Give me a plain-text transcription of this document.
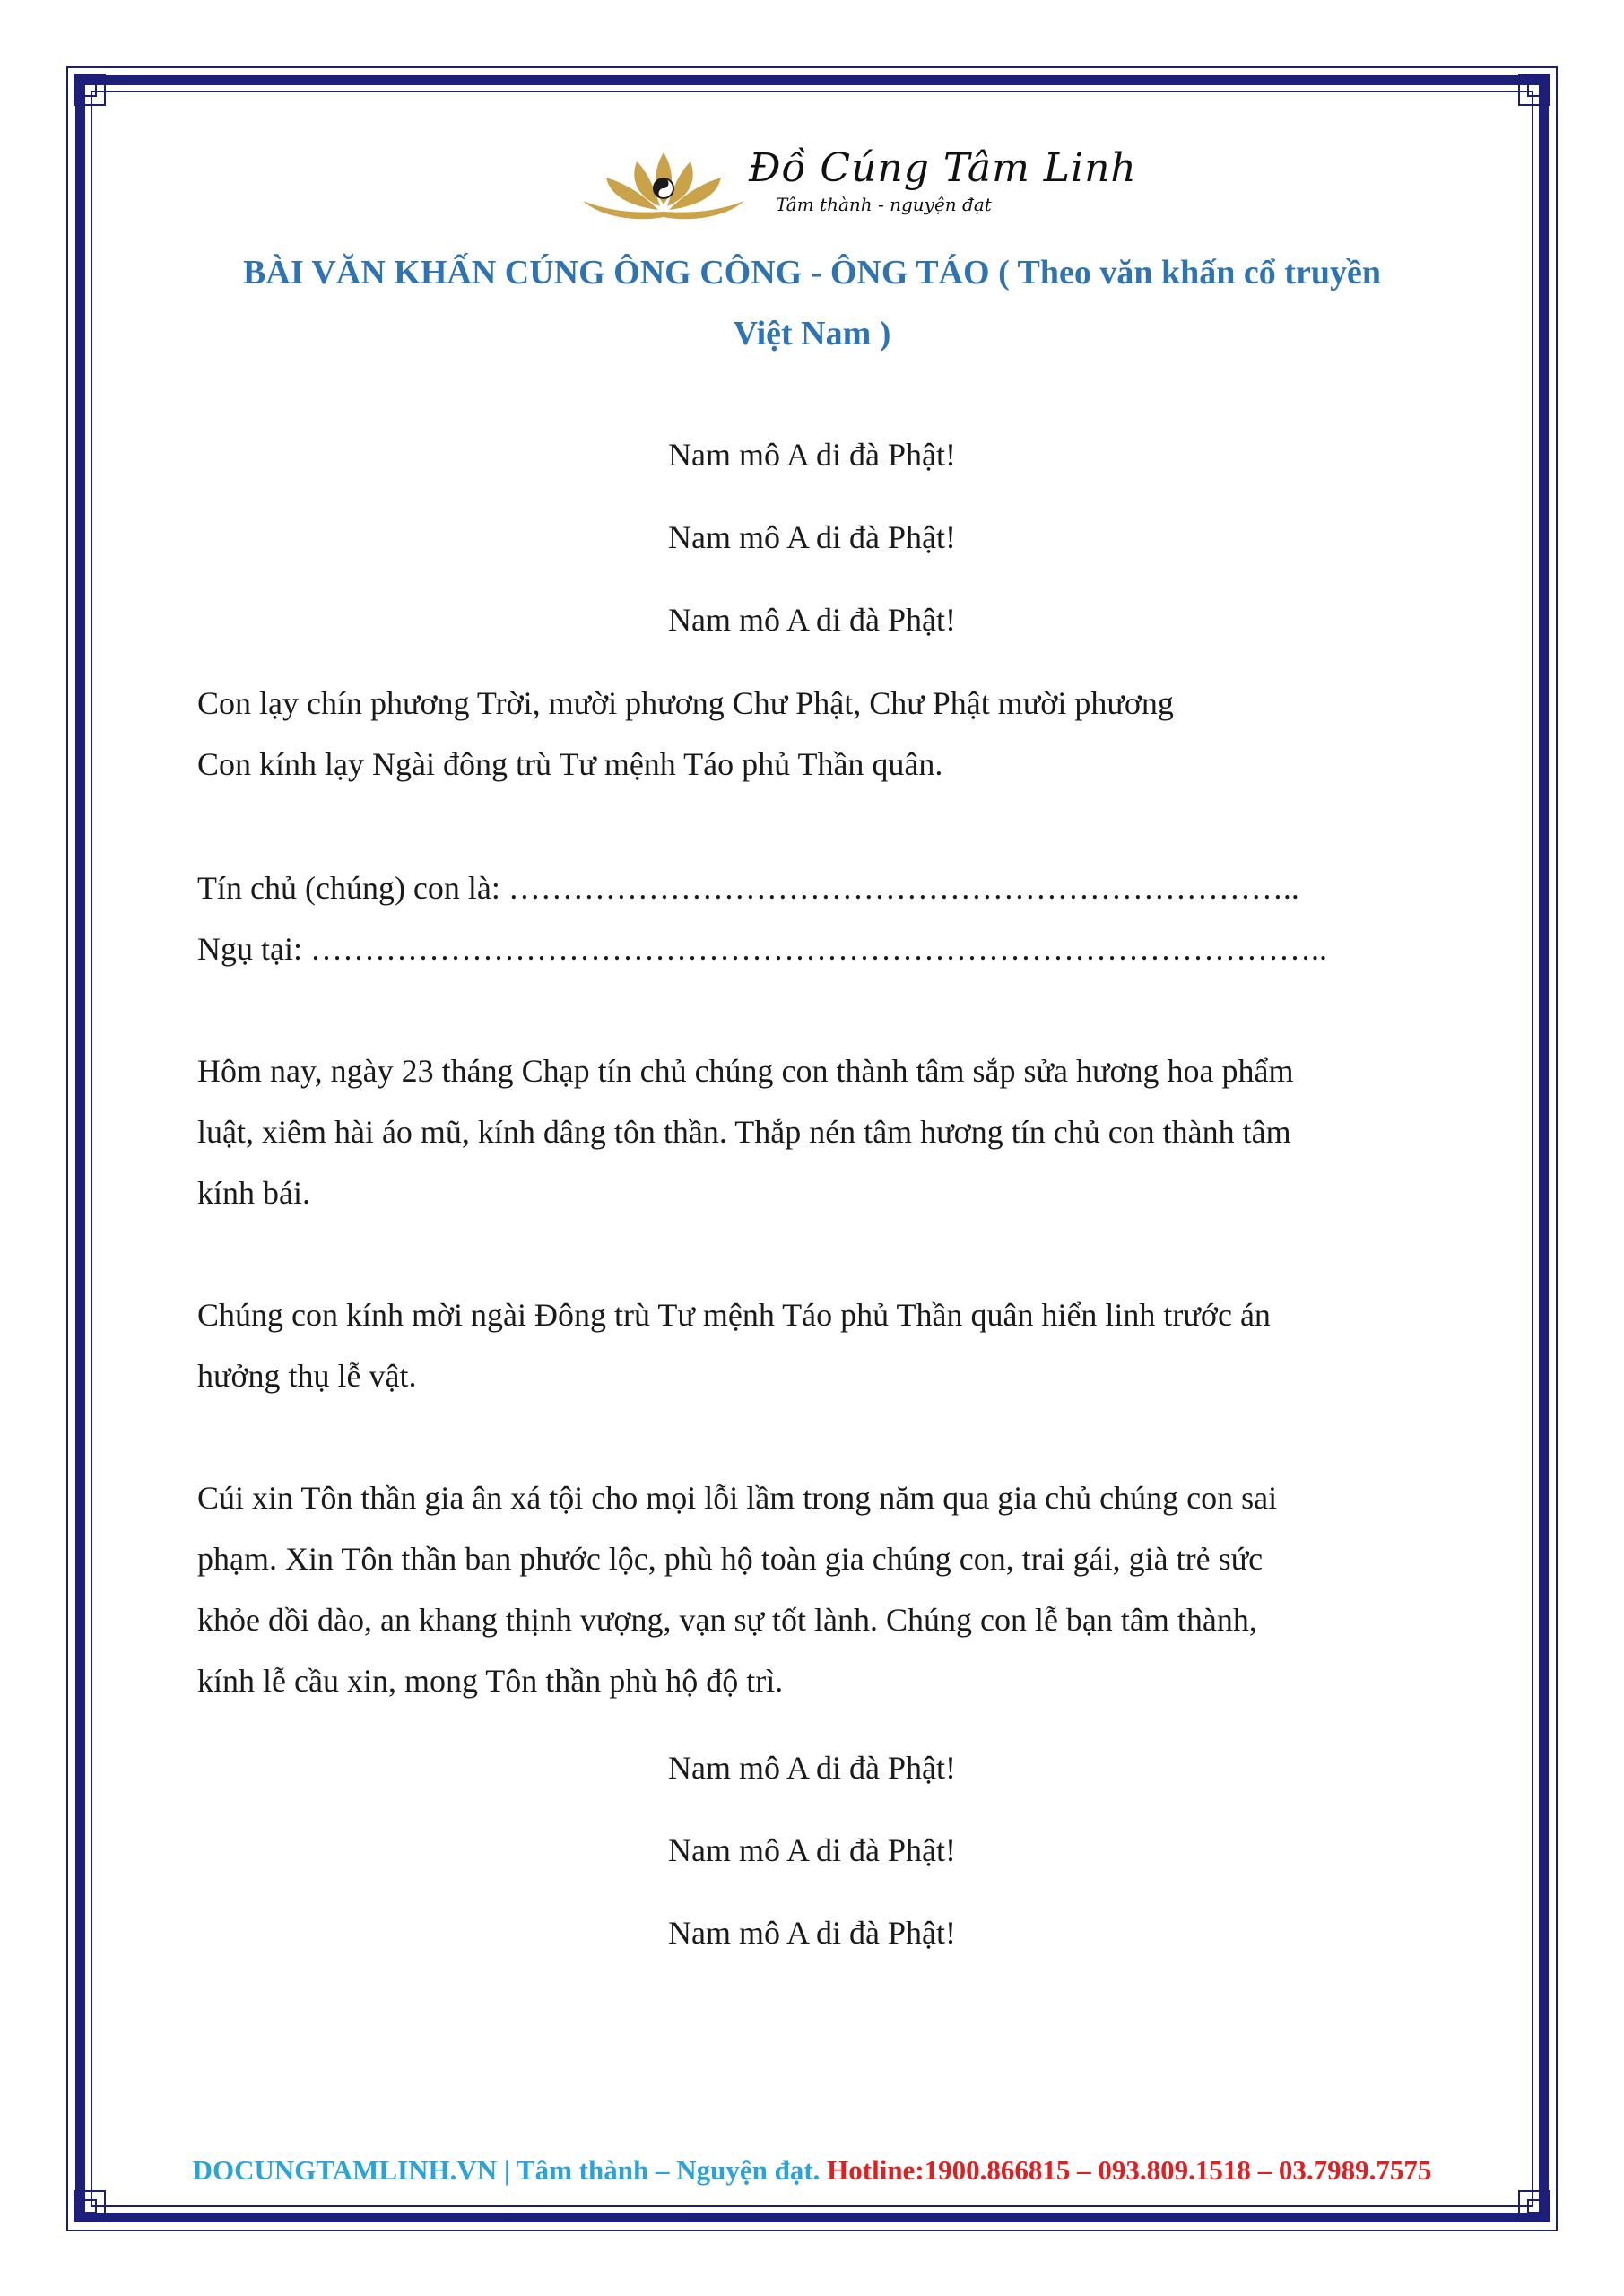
Đồ Cúng Tâm Linh
Tâm thành - nguyện đạt
BÀI VĂN KHẤN CÚNG ÔNG CÔNG - ÔNG TÁO ( Theo văn khấn cổ truyền
Việt Nam )
Nam mô A di đà Phật!
Nam mô A di đà Phật!
Nam mô A di đà Phật!
Con lạy chín phương Trời, mười phương Chư Phật, Chư Phật mười phương
Con kính lạy Ngài đông trù Tư mệnh Táo phủ Thần quân.
Tín chủ (chúng) con là: ………………………………………………………………..
Ngụ tại: …………………………………………………………………………………..
Hôm nay, ngày 23 tháng Chạp tín chủ chúng con thành tâm sắp sửa hương hoa phẩm
luật, xiêm hài áo mũ, kính dâng tôn thần. Thắp nén tâm hương tín chủ con thành tâm
kính bái.
Chúng con kính mời ngài Đông trù Tư mệnh Táo phủ Thần quân hiển linh trước án
hưởng thụ lễ vật.
Cúi xin Tôn thần gia ân xá tội cho mọi lỗi lầm trong năm qua gia chủ chúng con sai
phạm. Xin Tôn thần ban phước lộc, phù hộ toàn gia chúng con, trai gái, già trẻ sức
khỏe dồi dào, an khang thịnh vượng, vạn sự tốt lành. Chúng con lễ bạn tâm thành,
kính lễ cầu xin, mong Tôn thần phù hộ độ trì.
Nam mô A di đà Phật!
Nam mô A di đà Phật!
Nam mô A di đà Phật!
DOCUNGTAMLINH.VN | Tâm thành – Nguyện đạt. Hotline:1900.866815 – 093.809.1518 – 03.7989.7575
